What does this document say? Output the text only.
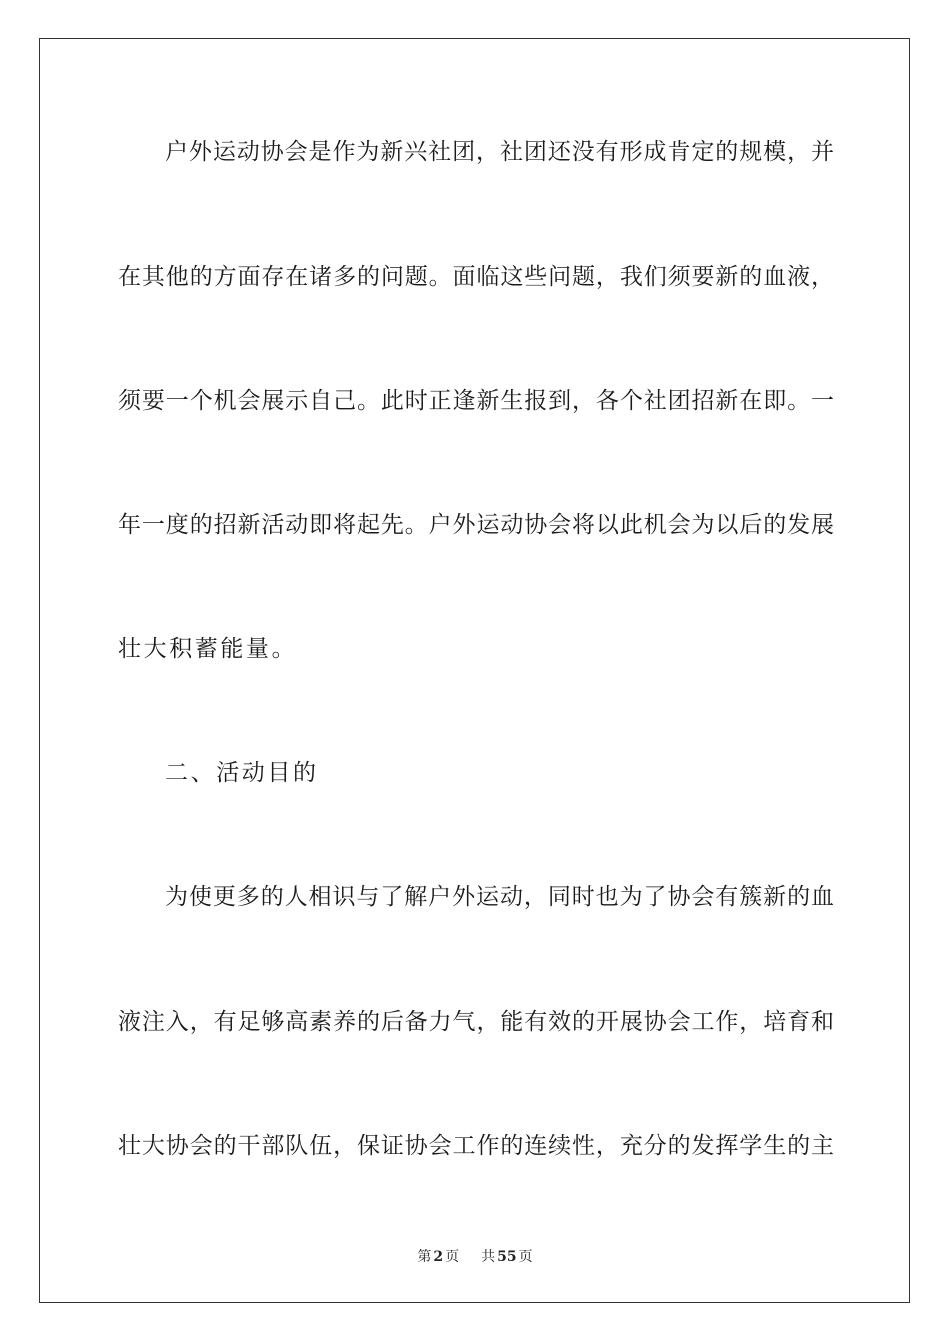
户外运动协会是作为新兴社团，社团还没有形成肯定的规模，并
在其他的方面存在诸多的问题。面临这些问题，我们须要新的血液，
须要一个机会展示自己。此时正逢新生报到，各个社团招新在即。一
年一度的招新活动即将起先。户外运动协会将以此机会为以后的发展
壮大积蓄能量。
二、活动目的
为使更多的人相识与了解户外运动，同时也为了协会有簇新的血
液注入，有足够高素养的后备力气，能有效的开展协会工作，培育和
壮大协会的干部队伍，保证协会工作的连续性，充分的发挥学生的主
第 2 页 共 55 页
